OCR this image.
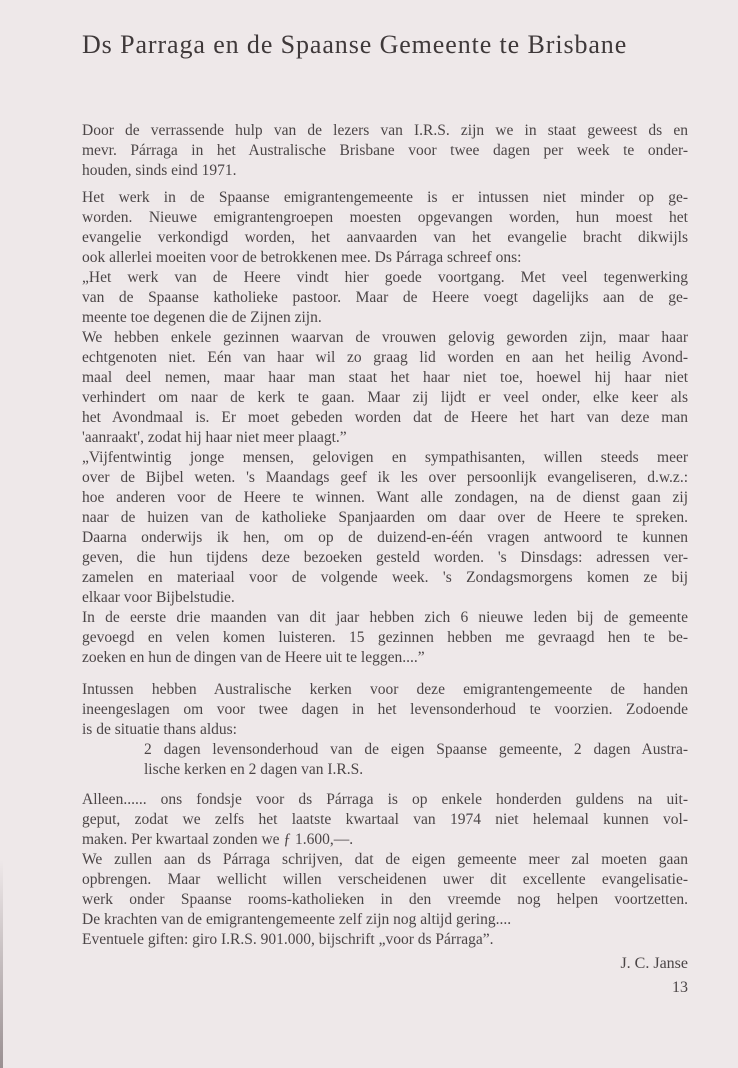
Ds Parraga en de Spaanse Gemeente te Brisbane
Door de verrassende hulp van de lezers van I.R.S. zijn we in staat geweest ds en
mevr. Párraga in het Australische Brisbane voor twee dagen per week te onder-
houden, sinds eind 1971.
Het werk in de Spaanse emigrantengemeente is er intussen niet minder op ge-
worden. Nieuwe emigrantengroepen moesten opgevangen worden, hun moest het
evangelie verkondigd worden, het aanvaarden van het evangelie bracht dikwijls
ook allerlei moeiten voor de betrokkenen mee. Ds Párraga schreef ons:
„Het werk van de Heere vindt hier goede voortgang. Met veel tegenwerking
van de Spaanse katholieke pastoor. Maar de Heere voegt dagelijks aan de ge-
meente toe degenen die de Zijnen zijn.
We hebben enkele gezinnen waarvan de vrouwen gelovig geworden zijn, maar haar
echtgenoten niet. Eén van haar wil zo graag lid worden en aan het heilig Avond-
maal deel nemen, maar haar man staat het haar niet toe, hoewel hij haar niet
verhindert om naar de kerk te gaan. Maar zij lijdt er veel onder, elke keer als
het Avondmaal is. Er moet gebeden worden dat de Heere het hart van deze man
'aanraakt', zodat hij haar niet meer plaagt.”
„Vijfentwintig jonge mensen, gelovigen en sympathisanten, willen steeds meer
over de Bijbel weten. 's Maandags geef ik les over persoonlijk evangeliseren, d.w.z.:
hoe anderen voor de Heere te winnen. Want alle zondagen, na de dienst gaan zij
naar de huizen van de katholieke Spanjaarden om daar over de Heere te spreken.
Daarna onderwijs ik hen, om op de duizend-en-één vragen antwoord te kunnen
geven, die hun tijdens deze bezoeken gesteld worden. 's Dinsdags: adressen ver-
zamelen en materiaal voor de volgende week. 's Zondagsmorgens komen ze bij
elkaar voor Bijbelstudie.
In de eerste drie maanden van dit jaar hebben zich 6 nieuwe leden bij de gemeente
gevoegd en velen komen luisteren. 15 gezinnen hebben me gevraagd hen te be-
zoeken en hun de dingen van de Heere uit te leggen....”
Intussen hebben Australische kerken voor deze emigrantengemeente de handen
ineengeslagen om voor twee dagen in het levensonderhoud te voorzien. Zodoende
is de situatie thans aldus:
2 dagen levensonderhoud van de eigen Spaanse gemeente, 2 dagen Austra-
lische kerken en 2 dagen van I.R.S.
Alleen...... ons fondsje voor ds Párraga is op enkele honderden guldens na uit-
geput, zodat we zelfs het laatste kwartaal van 1974 niet helemaal kunnen vol-
maken. Per kwartaal zonden we ƒ 1.600,—.
We zullen aan ds Párraga schrijven, dat de eigen gemeente meer zal moeten gaan
opbrengen. Maar wellicht willen verscheidenen uwer dit excellente evangelisatie-
werk onder Spaanse rooms-katholieken in den vreemde nog helpen voortzetten.
De krachten van de emigrantengemeente zelf zijn nog altijd gering....
Eventuele giften: giro I.R.S. 901.000, bijschrift „voor ds Párraga”.
J. C. Janse
13
